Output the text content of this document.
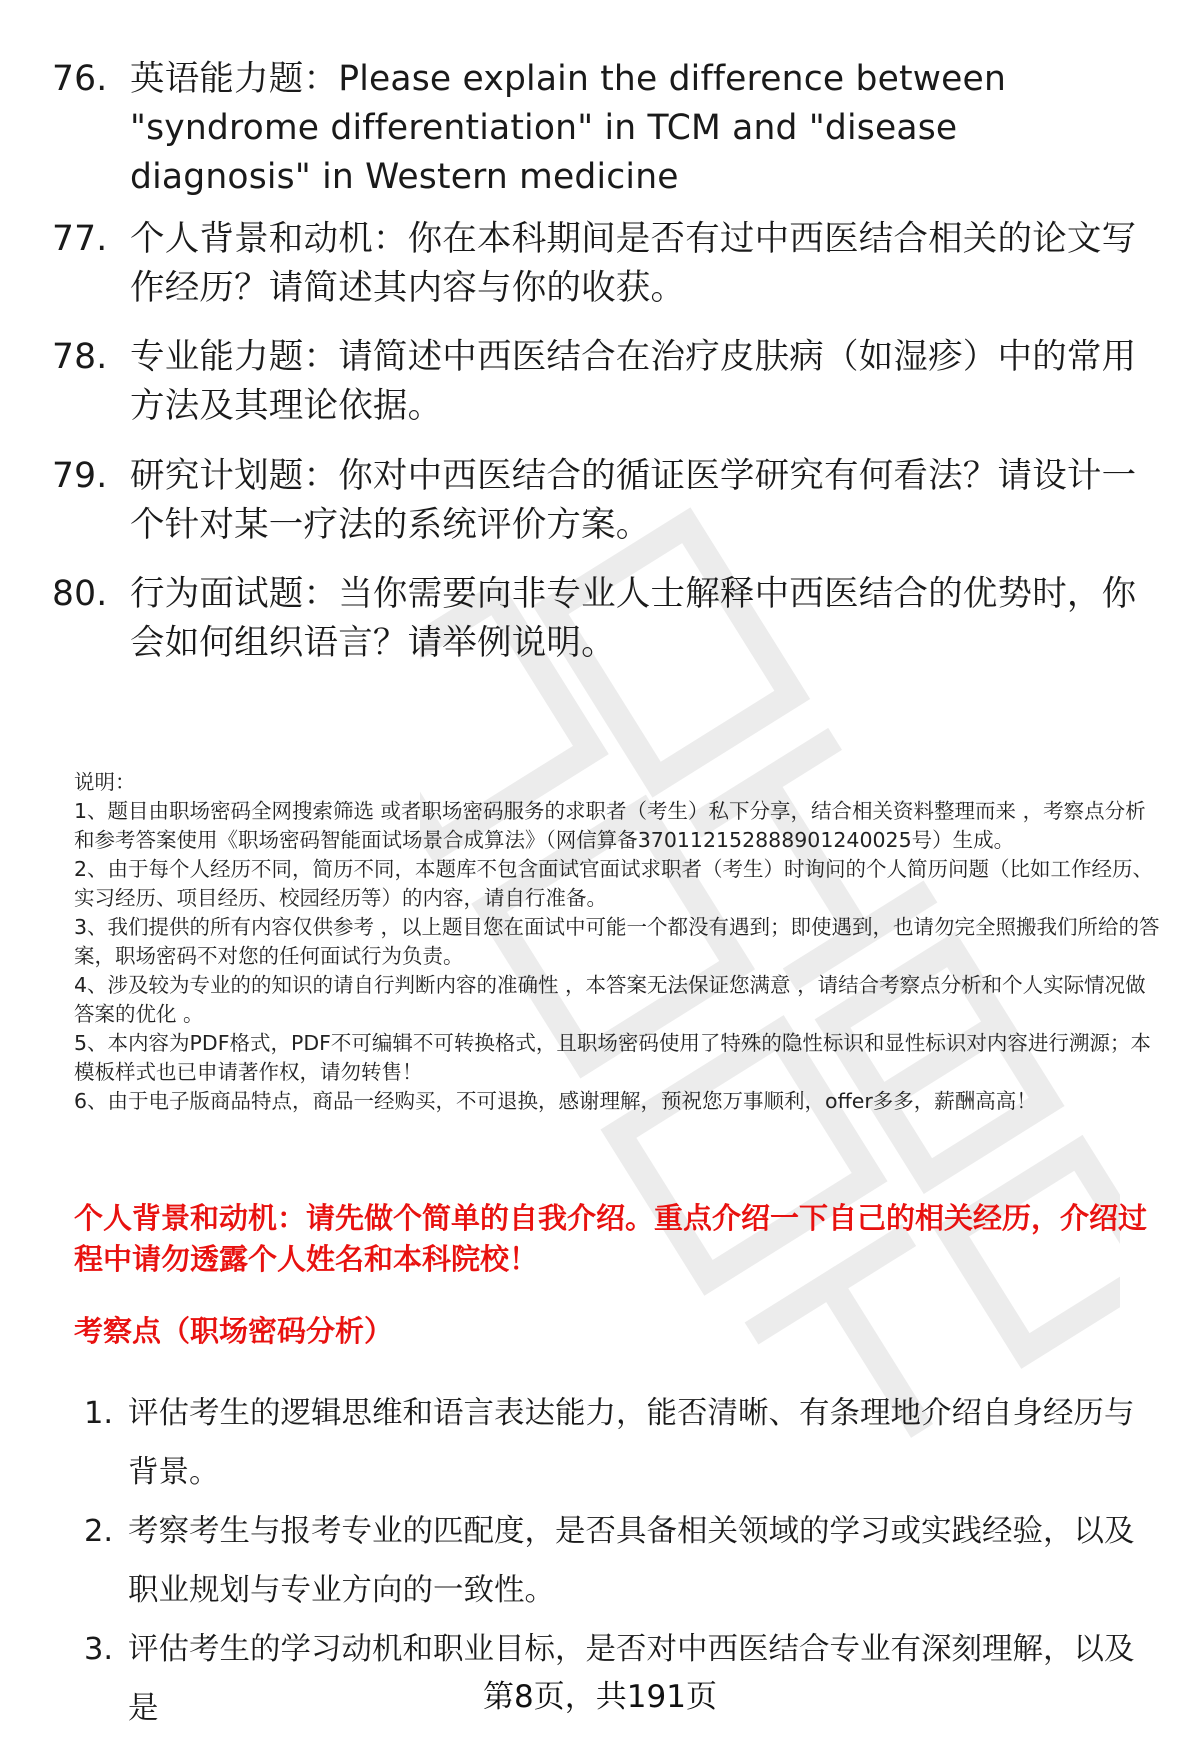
76. 英语能力题：Please explain the difference between "syndrome differentiation" in TCM and "disease diagnosis" in Western medicine
77. 个人背景和动机：你在本科期间是否有过中西医结合相关的论文写作经历？请简述其内容与你的收获。
78. 专业能力题：请简述中西医结合在治疗皮肤病（如湿疹）中的常用方法及其理论依据。
79. 研究计划题：你对中西医结合的循证医学研究有何看法？请设计一个针对某一疗法的系统评价方案。
80. 行为面试题：当你需要向非专业人士解释中西医结合的优势时，你会如何组织语言？请举例说明。

说明：

1、题目由职场密码全网搜索筛选 或者职场密码服务的求职者（考生）私下分享，结合相关资料整理而来 ，考察点分析和参考答案使用《职场密码智能面试场景合成算法》（网信算备370112152888901240025号）生成。

2、由于每个人经历不同，简历不同，本题库不包含面试官面试求职者（考生）时询问的个人简历问题（比如工作经历、实习经历、项目经历、校园经历等）的内容，请自行准备。

3、我们提供的所有内容仅供参考 ，以上题目您在面试中可能一个都没有遇到；即使遇到，也请勿完全照搬我们所给的答案，职场密码不对您的任何面试行为负责。

4、涉及较为专业的的知识的请自行判断内容的准确性 ，本答案无法保证您满意 ，请结合考察点分析和个人实际情况做答案的优化 。

5、本内容为PDF格式，PDF不可编辑不可转换格式，且职场密码使用了特殊的隐性标识和显性标识对内容进行溯源；本模板样式也已申请著作权，请勿转售！

6、由于电子版商品特点，商品一经购买，不可退换，感谢理解，预祝您万事顺利，offer多多，薪酬高高！

个人背景和动机：请先做个简单的自我介绍。重点介绍一下自己的相关经历，介绍过程中请勿透露个人姓名和本科院校！
考察点（职场密码分析）
1. 评估考生的逻辑思维和语言表达能力，能否清晰、有条理地介绍自身经历与背景。
2. 考察考生与报考专业的匹配度，是否具备相关领域的学习或实践经验，以及职业规划与专业方向的一致性。
3. 评估考生的学习动机和职业目标，是否对中西医结合专业有深刻理解，以及是	第8页，共191页
